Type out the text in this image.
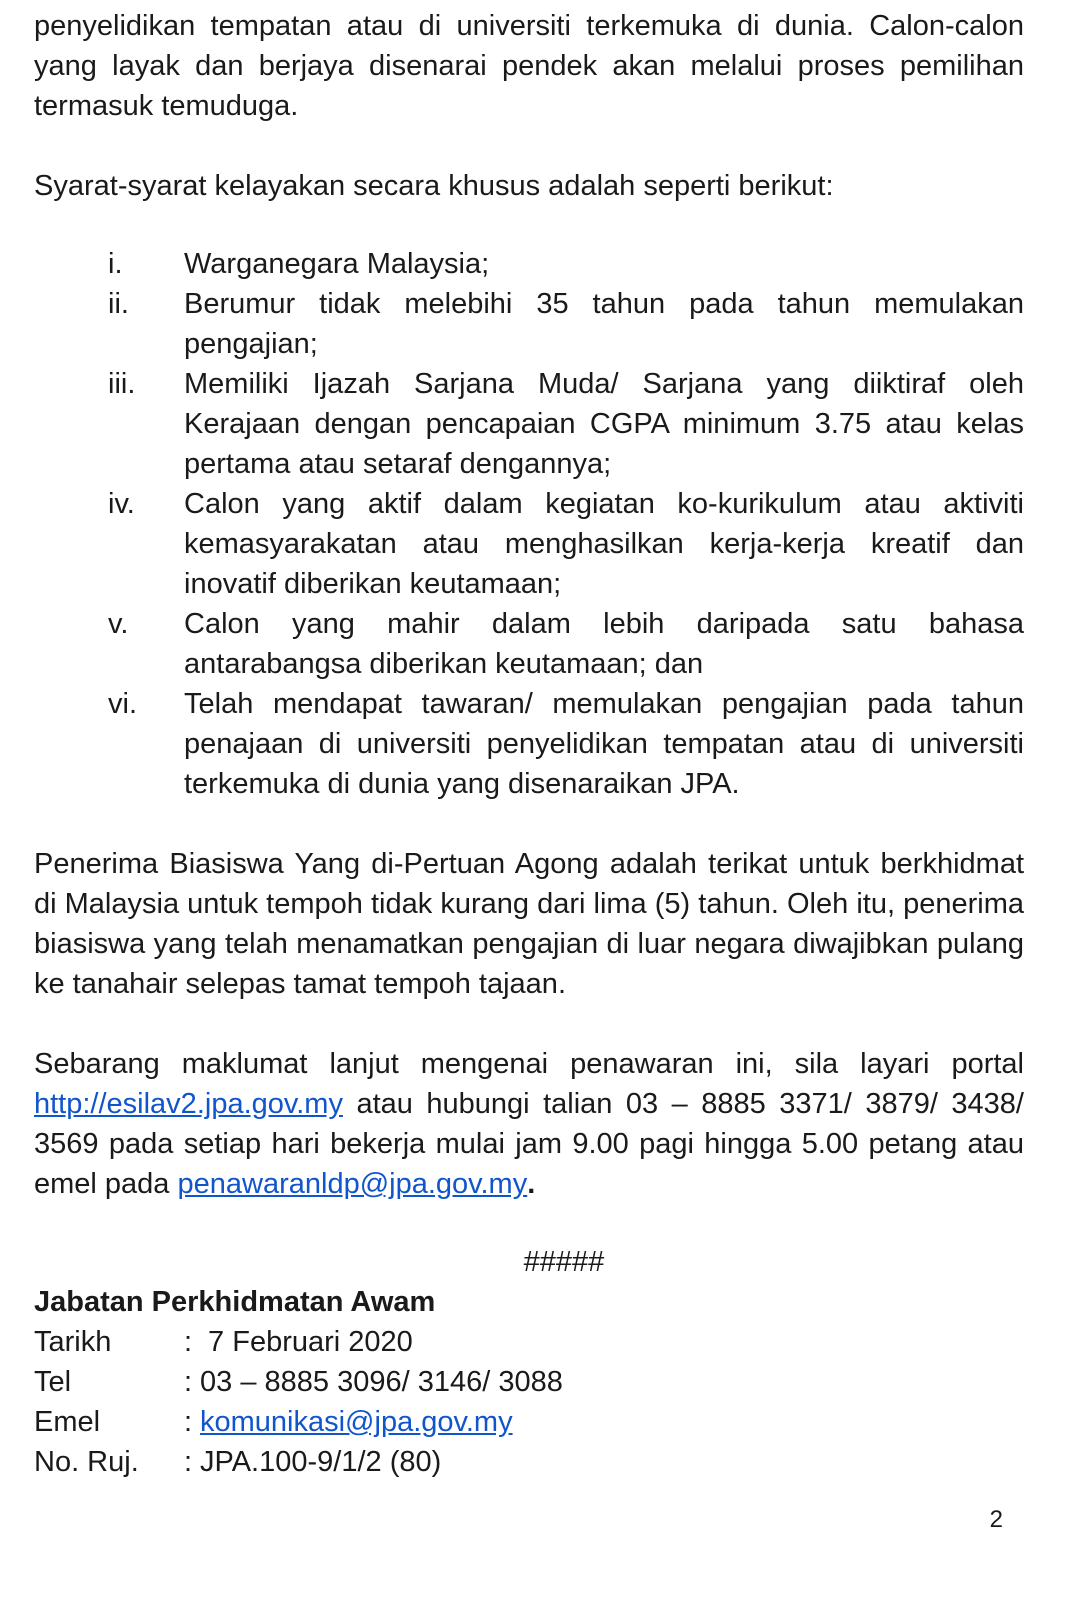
penyelidikan tempatan atau di universiti terkemuka di dunia. Calon-calon yang layak dan berjaya disenarai pendek akan melalui proses pemilihan termasuk temuduga.

Syarat-syarat kelayakan secara khusus adalah seperti berikut:

i.	Warganegara Malaysia;
ii.	Berumur tidak melebihi 35 tahun pada tahun memulakan pengajian;
iii.	Memiliki Ijazah Sarjana Muda/ Sarjana yang diiktiraf oleh Kerajaan dengan pencapaian CGPA minimum 3.75 atau kelas pertama atau setaraf dengannya;
iv.	Calon yang aktif dalam kegiatan ko-kurikulum atau aktiviti kemasyarakatan atau menghasilkan kerja-kerja kreatif dan inovatif diberikan keutamaan;
v.	Calon yang mahir dalam lebih daripada satu bahasa antarabangsa diberikan keutamaan; dan
vi.	Telah mendapat tawaran/ memulakan pengajian pada tahun penajaan di universiti penyelidikan tempatan atau di universiti terkemuka di dunia yang disenaraikan JPA.

Penerima Biasiswa Yang di-Pertuan Agong adalah terikat untuk berkhidmat di Malaysia untuk tempoh tidak kurang dari lima (5) tahun. Oleh itu, penerima biasiswa yang telah menamatkan pengajian di luar negara diwajibkan pulang ke tanahair selepas tamat tempoh tajaan.

Sebarang maklumat lanjut mengenai penawaran ini, sila layari portal http://esilav2.jpa.gov.my atau hubungi talian 03 – 8885 3371/ 3879/ 3438/ 3569 pada setiap hari bekerja mulai jam 9.00 pagi hingga 5.00 petang atau emel pada penawaranldp@jpa.gov.my.

#####

Jabatan Perkhidmatan Awam

Tarikh	: 7 Februari 2020
Tel	: 03 – 8885 3096/ 3146/ 3088
Emel	: komunikasi@jpa.gov.my
No. Ruj.	: JPA.100-9/1/2 (80)
2
